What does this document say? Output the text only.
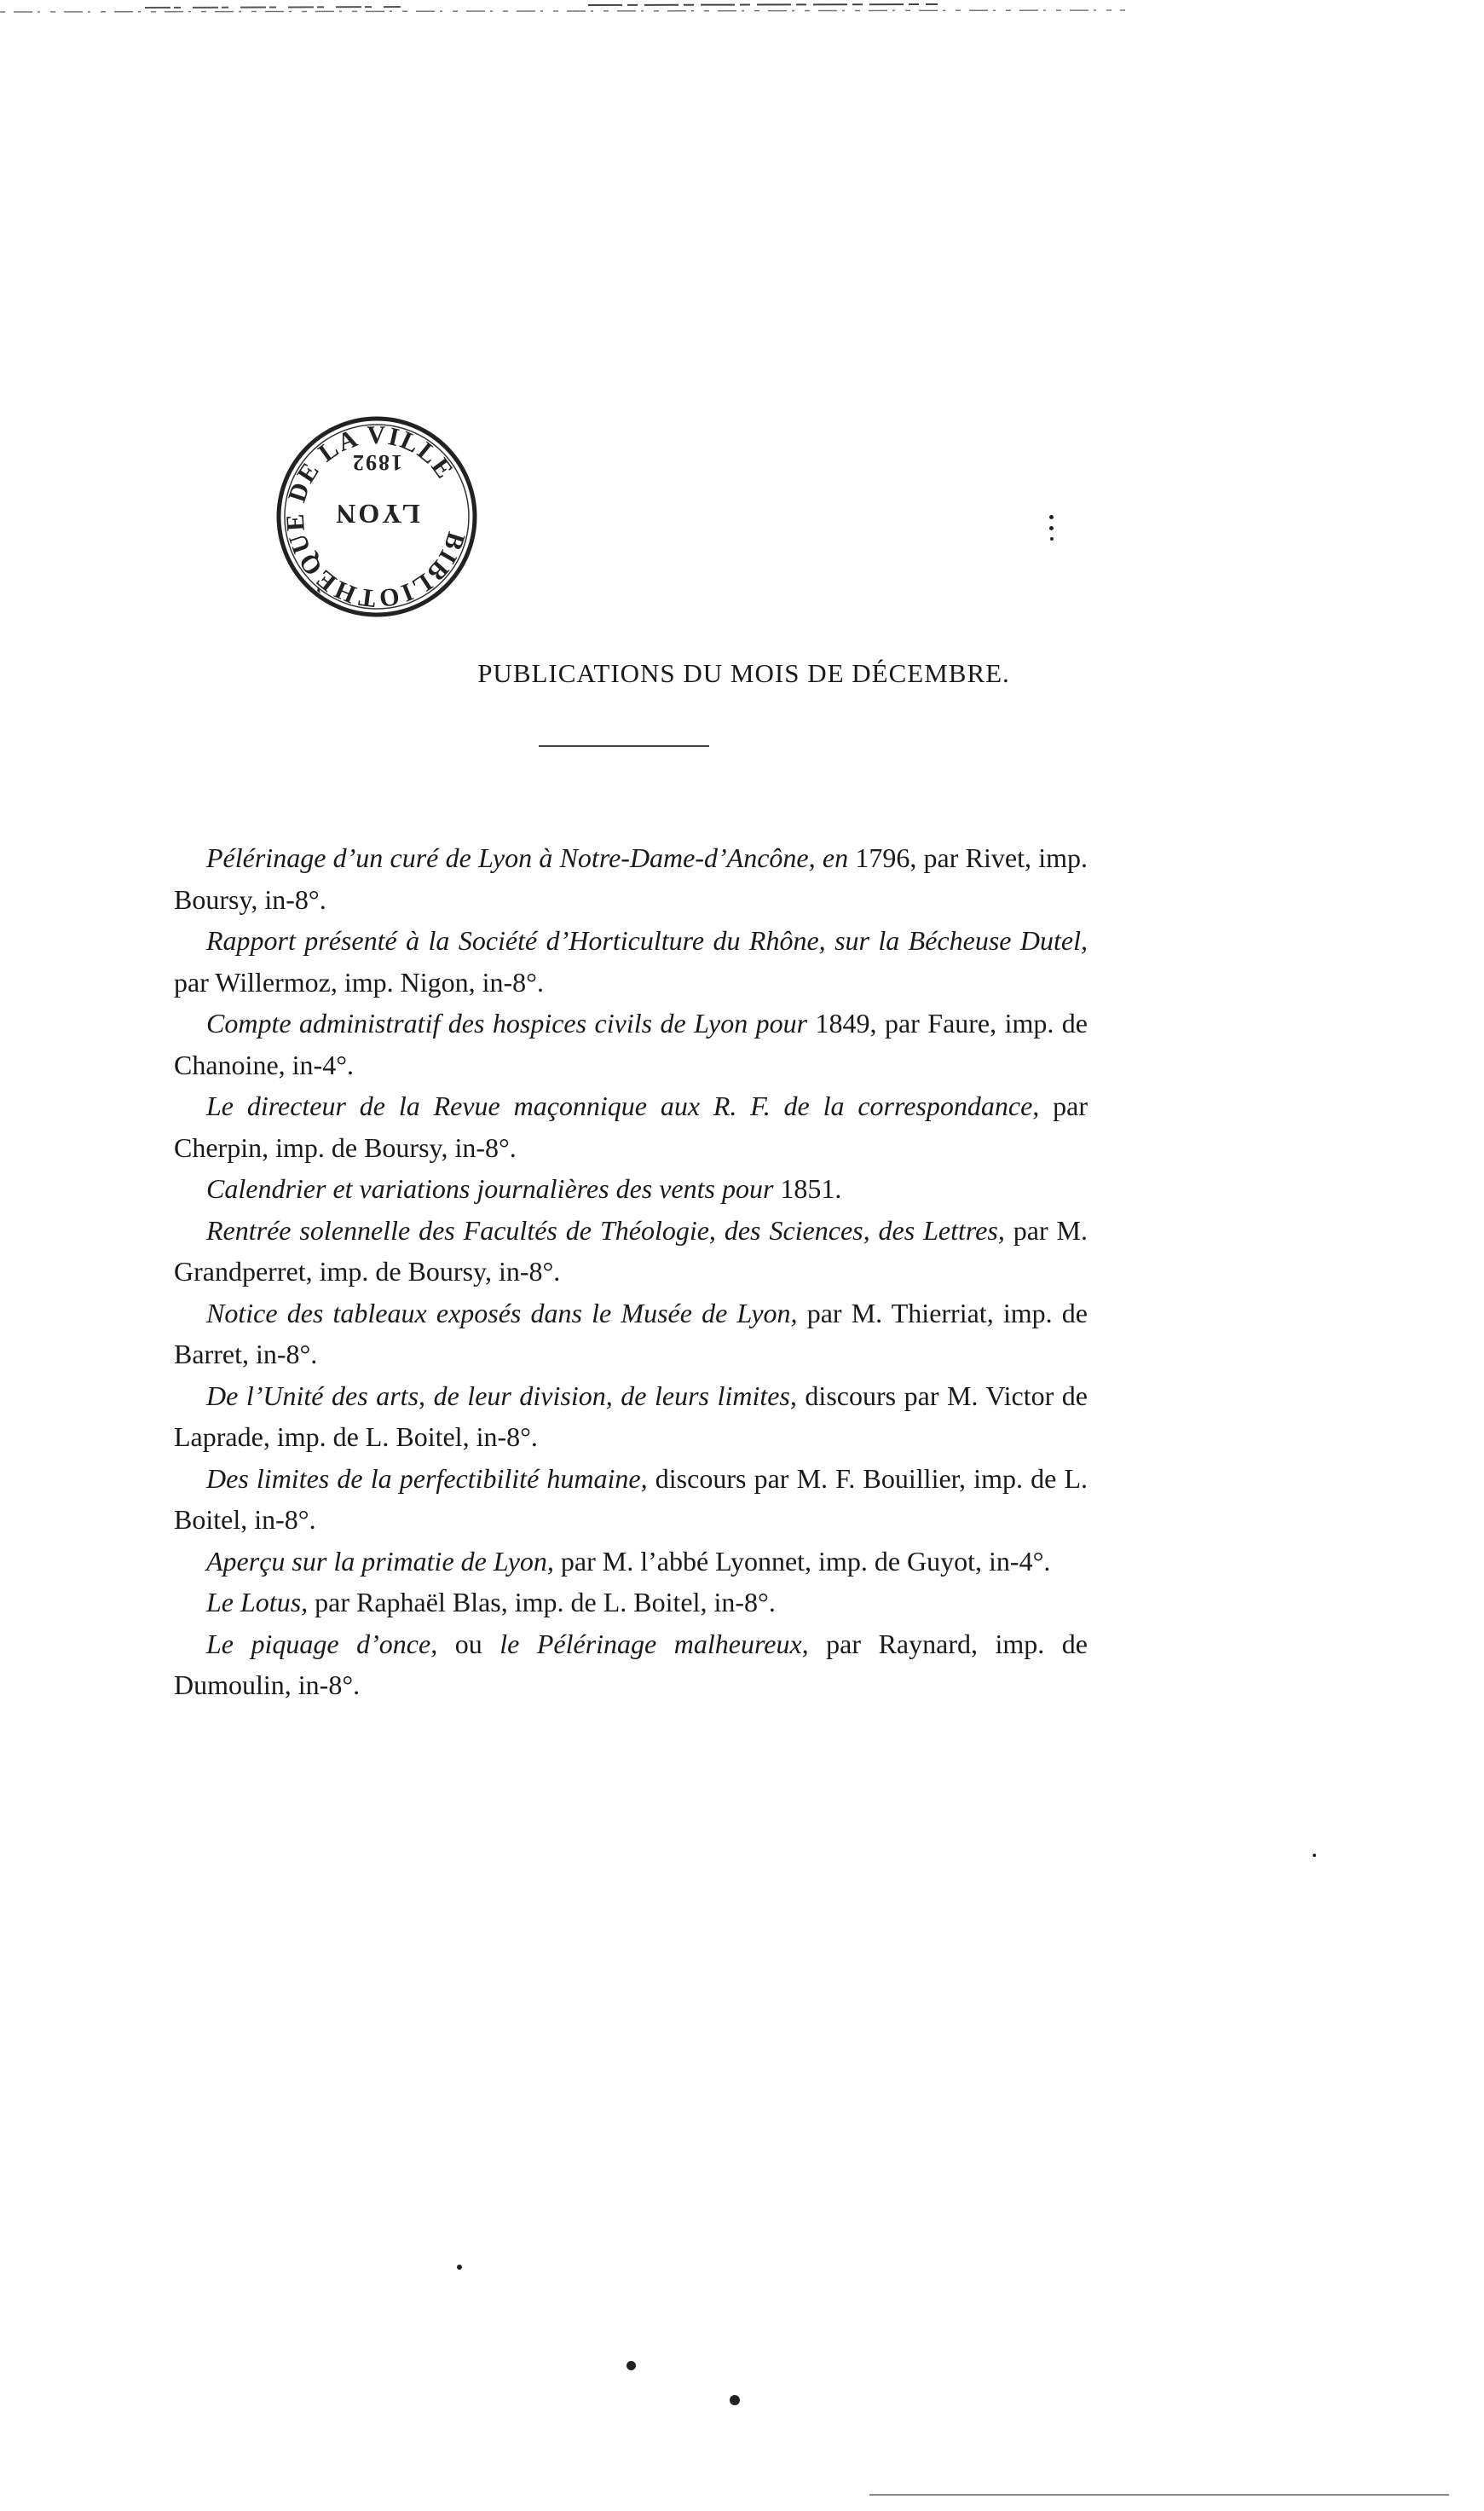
BIBLIOTHÈQUE DE LA VILLE
LYON
1892
PUBLICATIONS DU MOIS DE DÉCEMBRE.

Pélérinage d’un curé de Lyon à Notre-Dame-d’Ancône, en 1796, par Rivet, imp. Boursy, in-8°.

Rapport présenté à la Société d’Horticulture du Rhône, sur la Bécheuse Dutel, par Willermoz, imp. Nigon, in-8°.

Compte administratif des hospices civils de Lyon pour 1849, par Faure, imp. de Chanoine, in-4°.

Le directeur de la Revue maçonnique aux R. F. de la correspondance, par Cherpin, imp. de Boursy, in-8°.

Calendrier et variations journalières des vents pour 1851.

Rentrée solennelle des Facultés de Théologie, des Sciences, des Lettres, par M. Grandperret, imp. de Boursy, in-8°.

Notice des tableaux exposés dans le Musée de Lyon, par M. Thierriat, imp. de Barret, in-8°.

De l’Unité des arts, de leur division, de leurs limites, discours par M. Victor de Laprade, imp. de L. Boitel, in-8°.

Des limites de la perfectibilité humaine, discours par M. F. Bouillier, imp. de L. Boitel, in-8°.

Aperçu sur la primatie de Lyon, par M. l’abbé Lyonnet, imp. de Guyot, in-4°.

Le Lotus, par Raphaël Blas, imp. de L. Boitel, in-8°.

Le piquage d’once, ou le Pélérinage malheureux, par Raynard, imp. de Dumoulin, in-8°.
